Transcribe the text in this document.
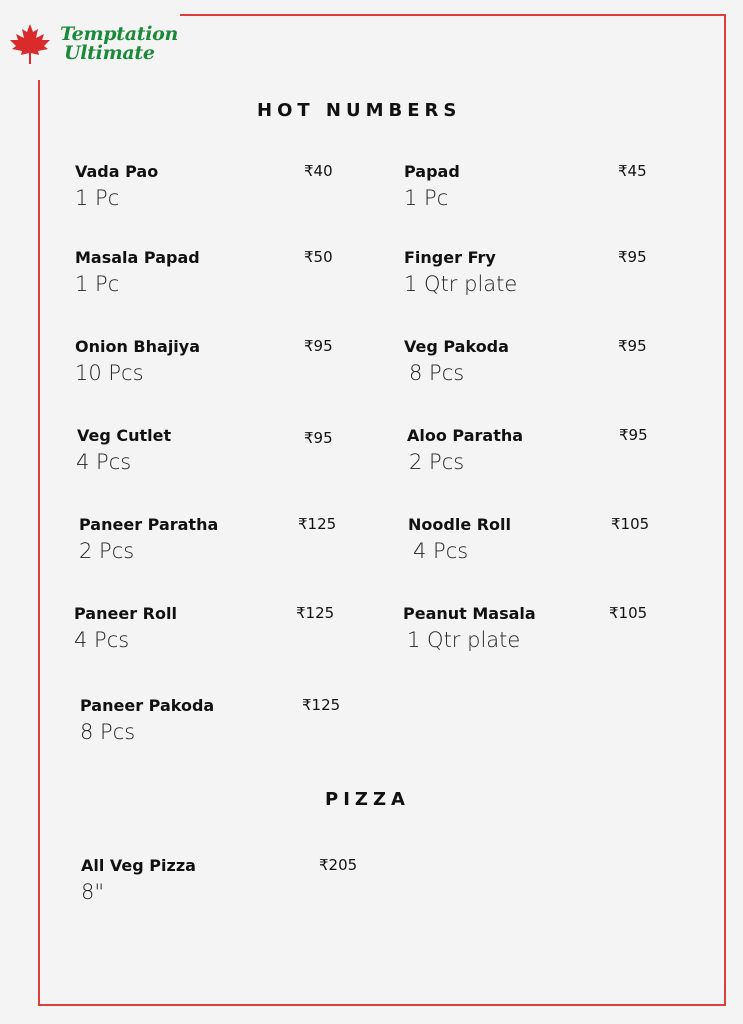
Temptation
Ultimate
HOT NUMBERS
Vada Pao	₹40
1 Pc
Papad	₹45
1 Pc
Masala Papad	₹50
1 Pc
Finger Fry	₹95
1 Qtr plate
Onion Bhajiya	₹95
10 Pcs
Veg Pakoda	₹95
8 Pcs
Veg Cutlet	₹95
4 Pcs
Aloo Paratha	₹95
2 Pcs
Paneer Paratha	₹125
2 Pcs
Noodle Roll	₹105
4 Pcs
Paneer Roll	₹125
4 Pcs
Peanut Masala	₹105
1 Qtr plate
Paneer Pakoda	₹125
8 Pcs
PIZZA
All Veg Pizza	₹205
8"
